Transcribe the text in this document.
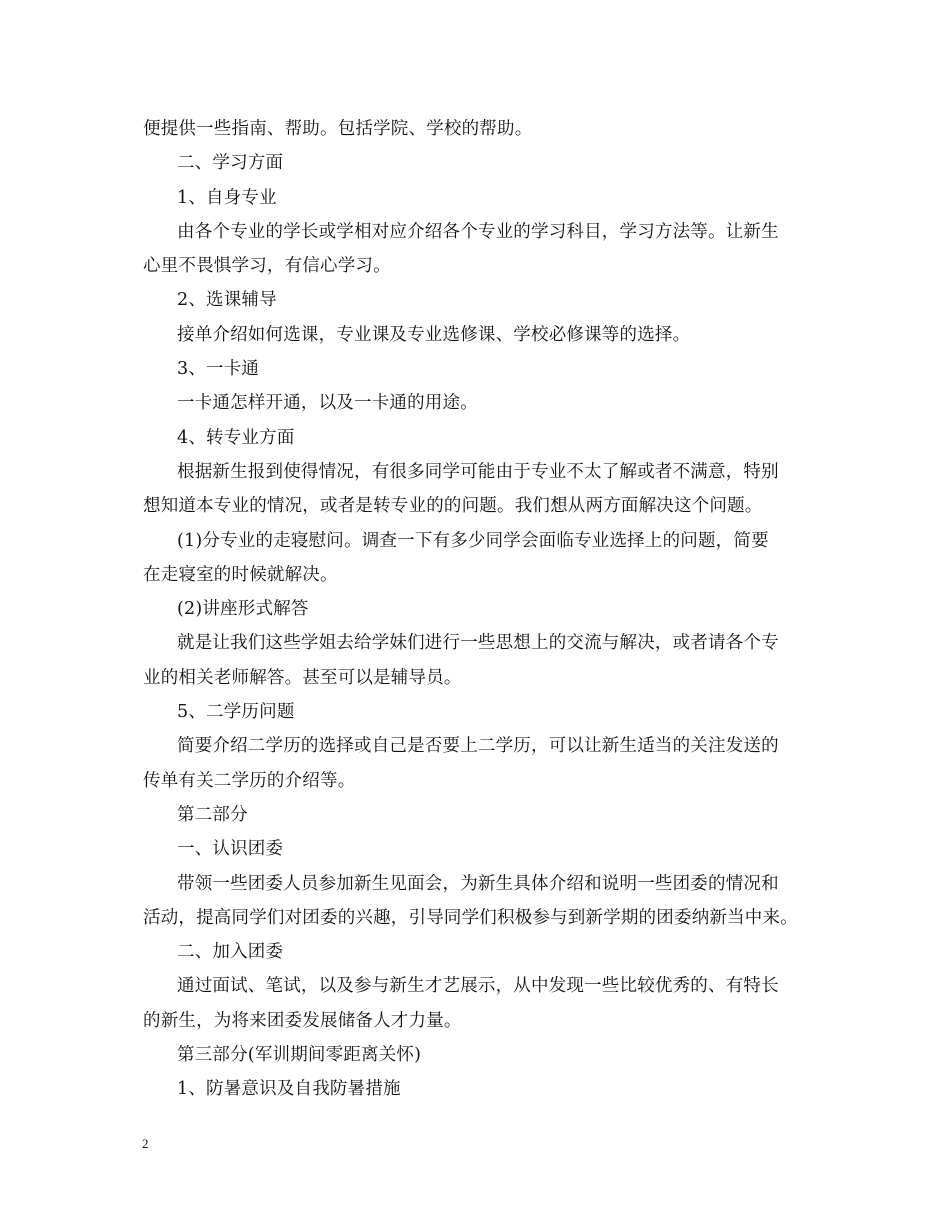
便提供一些指南、帮助。包括学院、学校的帮助。
二、学习方面
1、自身专业
由各个专业的学长或学相对应介绍各个专业的学习科目，学习方法等。让新生
心里不畏惧学习，有信心学习。
2、选课辅导
接单介绍如何选课，专业课及专业选修课、学校必修课等的选择。
3、一卡通
一卡通怎样开通，以及一卡通的用途。
4、转专业方面
根据新生报到使得情况，有很多同学可能由于专业不太了解或者不满意，特别
想知道本专业的情况，或者是转专业的的问题。我们想从两方面解决这个问题。
(1)分专业的走寝慰问。调查一下有多少同学会面临专业选择上的问题，简要
在走寝室的时候就解决。
(2)讲座形式解答
就是让我们这些学姐去给学妹们进行一些思想上的交流与解决，或者请各个专
业的相关老师解答。甚至可以是辅导员。
5、二学历问题
简要介绍二学历的选择或自己是否要上二学历，可以让新生适当的关注发送的
传单有关二学历的介绍等。
第二部分
一、认识团委
带领一些团委人员参加新生见面会，为新生具体介绍和说明一些团委的情况和
活动，提高同学们对团委的兴趣，引导同学们积极参与到新学期的团委纳新当中来。
二、加入团委
通过面试、笔试，以及参与新生才艺展示，从中发现一些比较优秀的、有特长
的新生，为将来团委发展储备人才力量。
第三部分(军训期间零距离关怀)
1、防暑意识及自我防暑措施
2
